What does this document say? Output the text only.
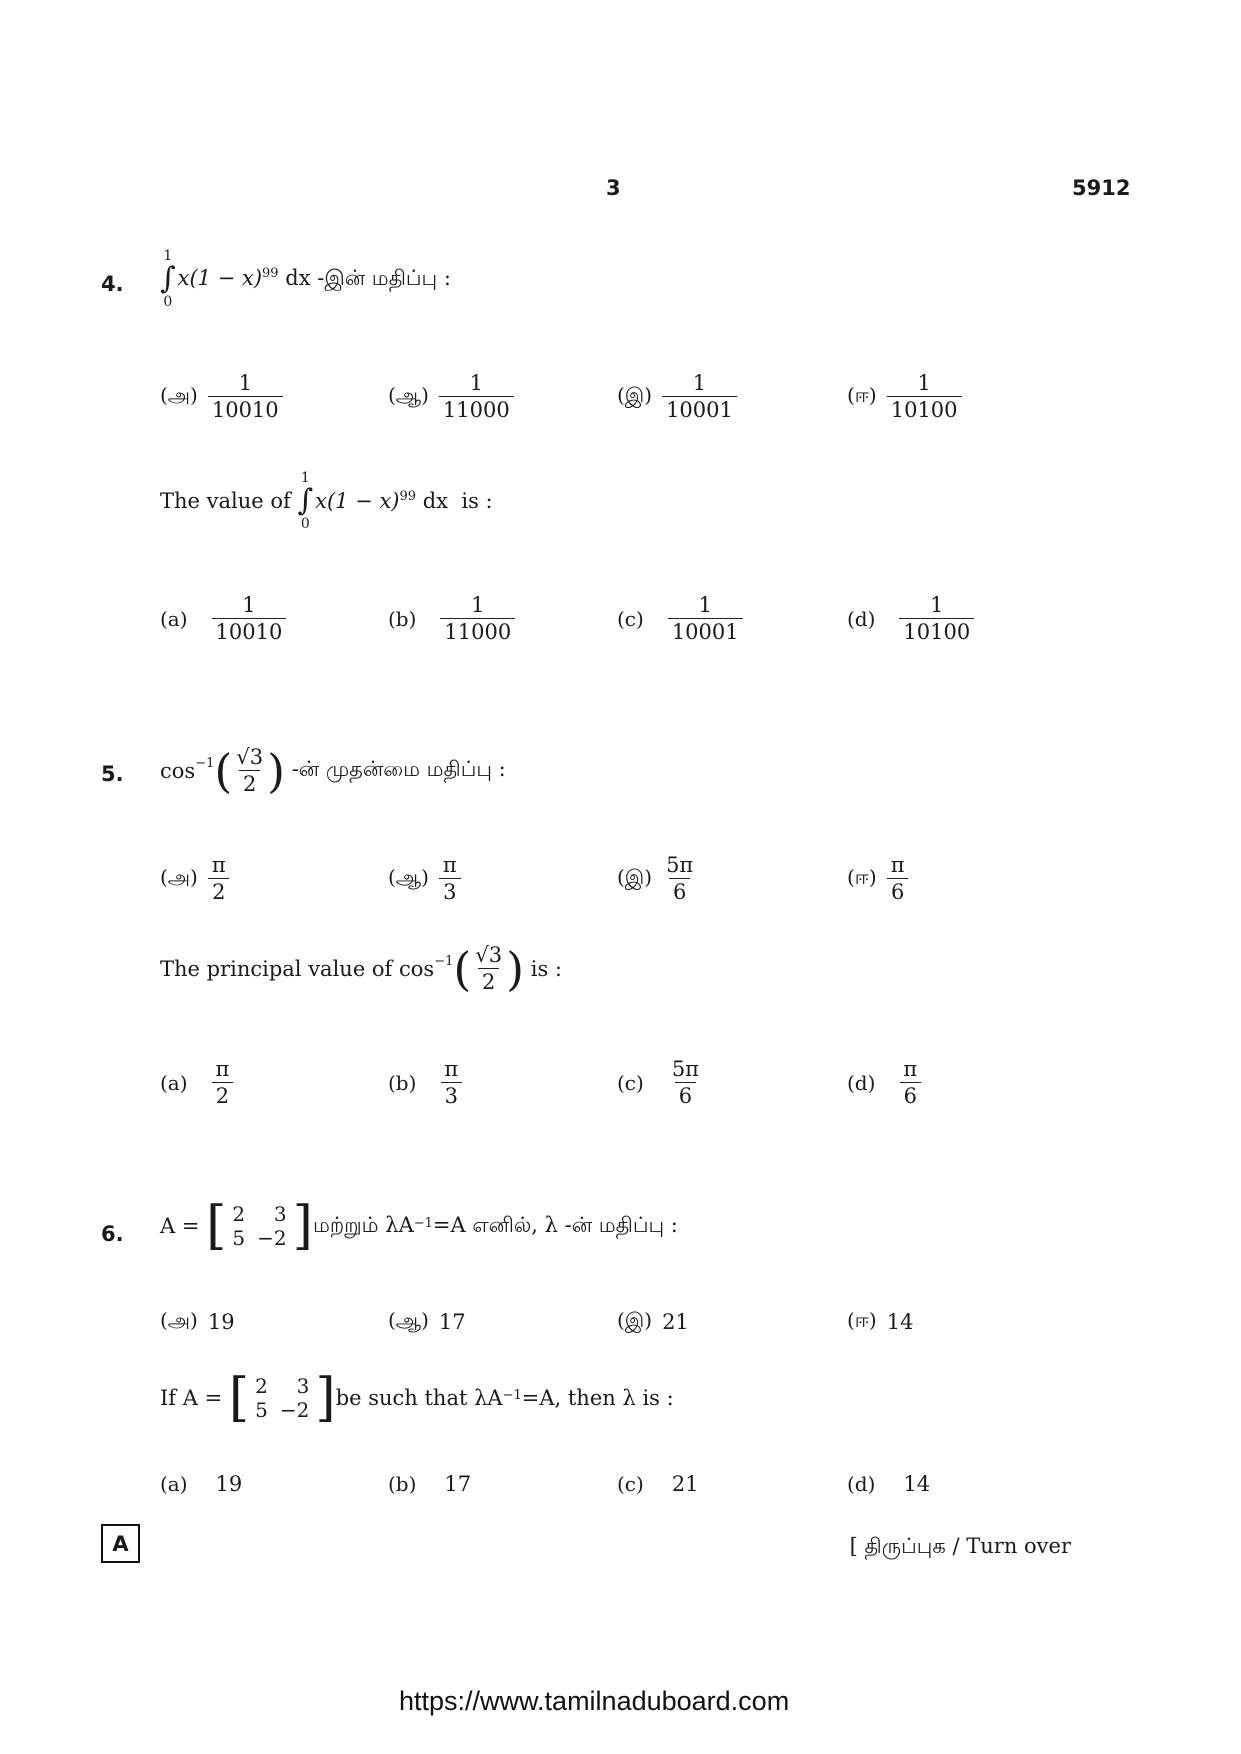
3	5912
4.
1
∫
0
$x(1 - x)^{99}$ dx -இன் மதிப்பு :
(அ) $\frac{1}{10010}$	(ஆ) $\frac{1}{11000}$	(இ) $\frac{1}{10001}$	(ஈ) $\frac{1}{10100}$
The value of

1
∫
0
$x(1 - x)^{99}$ dx is :
$(a) \frac{1}{10010}$	$(b) \frac{1}{11000}$	$(c) \frac{1}{10001}$	$(d) \frac{1}{10100}$
5. $\cos^{-1}$ ( $\frac{√3}{2}$ )
-ன் முதன்மை மதிப்பு :
(அ) $\frac{\pi}{2}$	(ஆ) $\frac{\pi}{3}$	(இ) $\frac{5\pi}{6}$	(ஈ) $\frac{\pi}{6}$
The principal value of
$\cos^{-1}$ ( $\frac{√3}{2}$ )
is :
$(a) \frac{\pi}{2}$	$(b) \frac{\pi}{3}$	$(c) \frac{5\pi}{6}$	$(d) \frac{\pi}{6}$
6. A =
[ 2	3
5	−2 ] மற்றும் λA −1 =A எனில், λ -ன் மதிப்பு :
(அ) 19	(ஆ) 17	(இ) 21	(ஈ) 14
If A =
[ 2	3
5	−2 ] be such that λA −1 =A, then λ is :
(a) 19	(b) 17	(c) 21	(d) 14
A	[ திருப்புக / Turn over
https://www.tamilnaduboard.com
